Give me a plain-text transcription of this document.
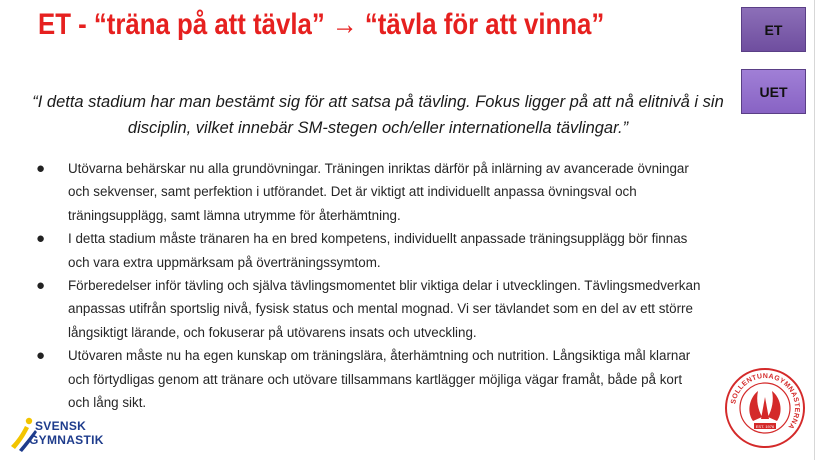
ET - “träna på att tävla” → “tävla för att vinna”	ET
UET
“I detta stadium har man bestämt sig för att satsa på tävling. Fokus ligger på att nå elitnivå i sin disciplin, vilket innebär SM-stegen och/eller internationella tävlingar.”
● Utövarna behärskar nu alla grundövningar. Träningen inriktas därför på inlärning av avancerade övningar och sekvenser, samt perfektion i utförandet. Det är viktigt att individuellt anpassa övningsval och träningsupplägg, samt lämna utrymme för återhämtning.
● I detta stadium måste tränaren ha en bred kompetens, individuellt anpassade träningsupplägg bör finnas och vara extra uppmärksam på överträningssymtom.
● Förberedelser inför tävling och själva tävlingsmomentet blir viktiga delar i utvecklingen. Tävlingsmedverkan anpassas utifrån sportslig nivå, fysisk status och mental mognad. Vi ser tävlandet som en del av ett större långsiktigt lärande, och fokuserar på utövarens insats och utveckling.
● Utövaren måste nu ha egen kunskap om träningslära, återhämtning och nutrition. Långsiktiga mål klarnar och förtydligas genom att tränare och utövare tillsammans kartlägger möjliga vägar framåt, både på kort och lång sikt.
SVENSK
GYMNASTIK
SOLLENTUNAGYMNASTERNA
EST. 1976
